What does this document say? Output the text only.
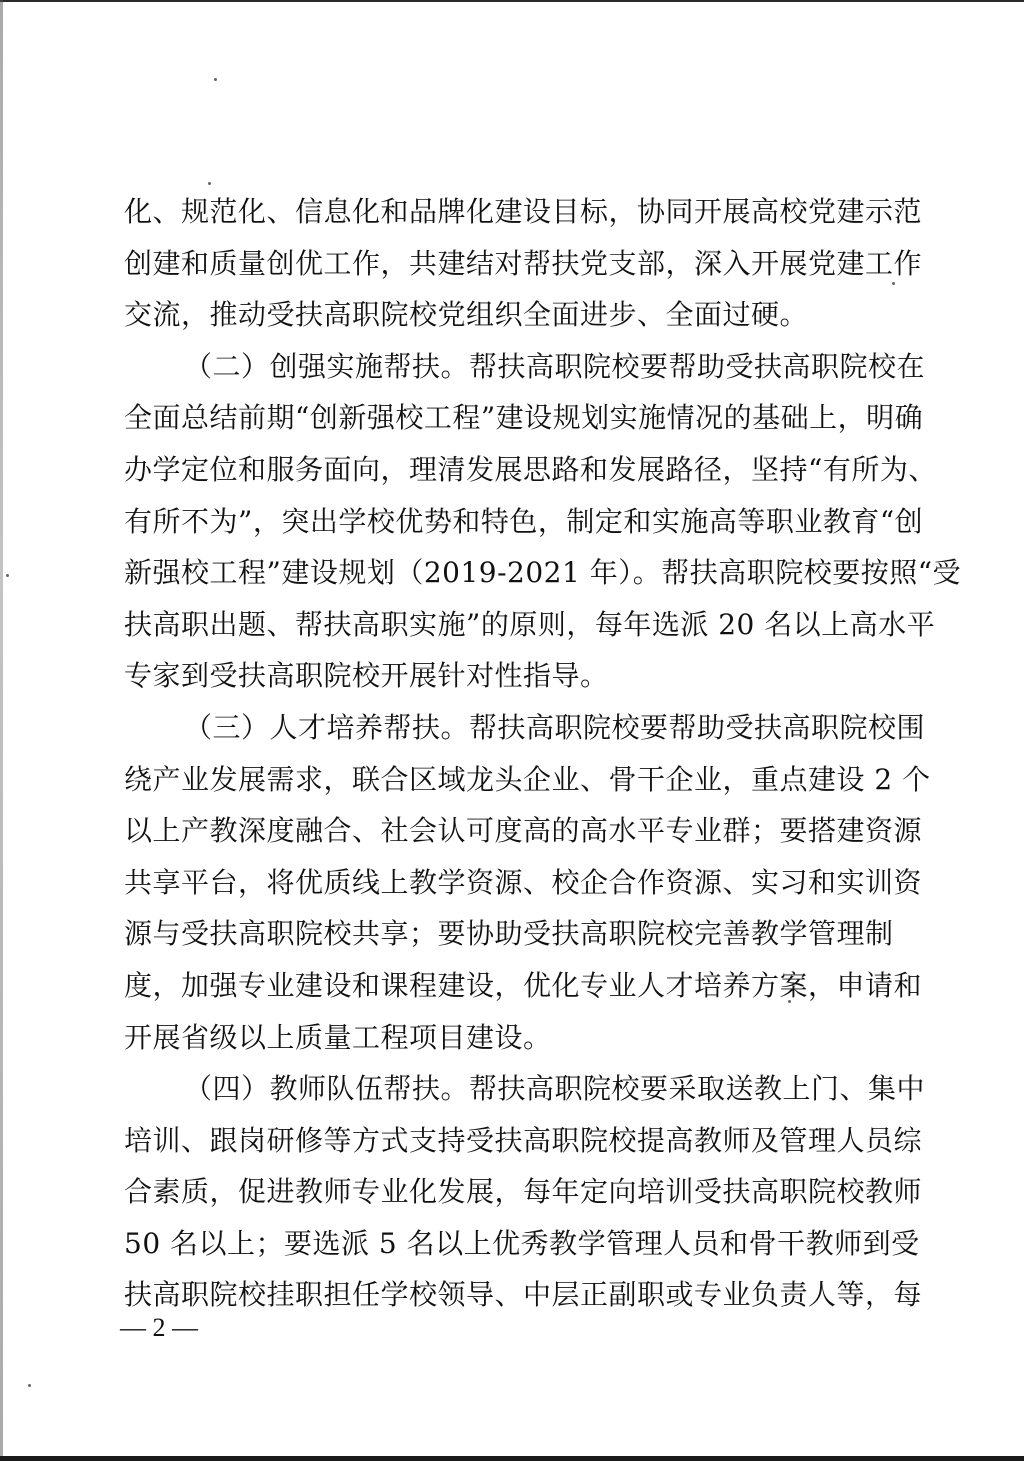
化、规范化、信息化和品牌化建设目标，协同开展高校党建示范
创建和质量创优工作，共建结对帮扶党支部，深入开展党建工作
交流，推动受扶高职院校党组织全面进步、全面过硬。
（二）创强实施帮扶。帮扶高职院校要帮助受扶高职院校在
全面总结前期“创新强校工程”建设规划实施情况的基础上，明确
办学定位和服务面向，理清发展思路和发展路径，坚持“有所为、
有所不为”，突出学校优势和特色，制定和实施高等职业教育“创
新强校工程”建设规划（2019-2021 年）。帮扶高职院校要按照“受
扶高职出题、帮扶高职实施”的原则，每年选派 20 名以上高水平
专家到受扶高职院校开展针对性指导。
（三）人才培养帮扶。帮扶高职院校要帮助受扶高职院校围
绕产业发展需求，联合区域龙头企业、骨干企业，重点建设 2 个
以上产教深度融合、社会认可度高的高水平专业群；要搭建资源
共享平台，将优质线上教学资源、校企合作资源、实习和实训资
源与受扶高职院校共享；要协助受扶高职院校完善教学管理制
度，加强专业建设和课程建设，优化专业人才培养方案，申请和
开展省级以上质量工程项目建设。
（四）教师队伍帮扶。帮扶高职院校要采取送教上门、集中
培训、跟岗研修等方式支持受扶高职院校提高教师及管理人员综
合素质，促进教师专业化发展，每年定向培训受扶高职院校教师
50 名以上；要选派 5 名以上优秀教学管理人员和骨干教师到受
扶高职院校挂职担任学校领导、中层正副职或专业负责人等，每
— 2 —
